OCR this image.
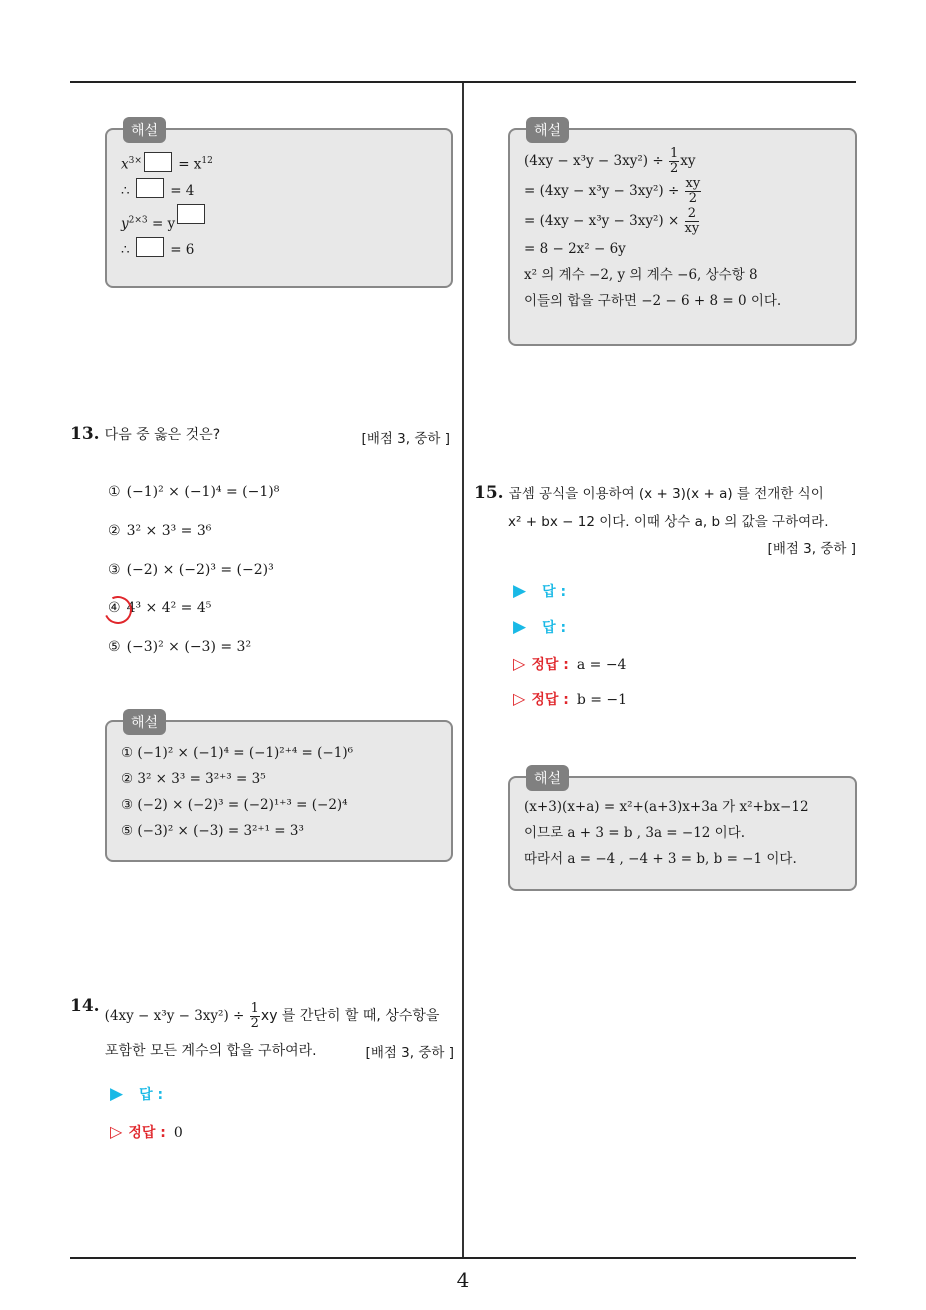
해설
$x^{3\times}$	= $x^{12}$
∴	= 4
$y^{2\times 3} = y$
∴	= 6
13. 다음 중 옳은 것은?	[배점 3, 중하 ]
① (−1)² × (−1)⁴ = (−1)⁸
② 3² × 3³ = 3⁶
③ (−2) × (−2)³ = (−2)³
④ 4³ × 4² = 4⁵
⑤ (−3)² × (−3) = 3²
해설
① (−1)² × (−1)⁴ = (−1)²⁺⁴ = (−1)⁶
② 3² × 3³ = 3²⁺³ = 3⁵
③ (−2) × (−2)³ = (−2)¹⁺³ = (−2)⁴
⑤ (−3)² × (−3) = 3²⁺¹ = 3³
14. $_{(4xy - x^3y - 3xy^2) \div \frac{1}{2} xy 를 간단히 할 때, 상수항을}$
포함한 모든 계수의 합을 구하여라.	[배점 3, 중하 ]
▶ 답 :
▷ 정답 : 0
해설
$(4xy - x^3y - 3xy^2) \div \frac{1}{2}$ xy
= $(4xy - x^3y - 3xy^2) \div \frac{xy}{2}$
= $(4xy - x^3y - 3xy^2) \times \frac{2}{xy}$
= 8 − 2x² − 6y
x² 의 계수 −2, y 의 계수 −6, 상수항 8
이들의 합을 구하면 −2 − 6 + 8 = 0 이다.
15. 곱셈 공식을 이용하여 (x + 3)(x + a) 를 전개한 식이
x² + bx − 12 이다. 이때 상수 a, b 의 값을 구하여라.
[배점 3, 중하 ]
▶ 답 :
▶ 답 :
▷ 정답 : a = −4
▷ 정답 : b = −1
해설
(x+3)(x+a) = x²+(a+3)x+3a 가 x²+bx−12
이므로 a + 3 = b , 3a = −12 이다.
따라서 a = −4 , −4 + 3 = b, b = −1 이다.
4
